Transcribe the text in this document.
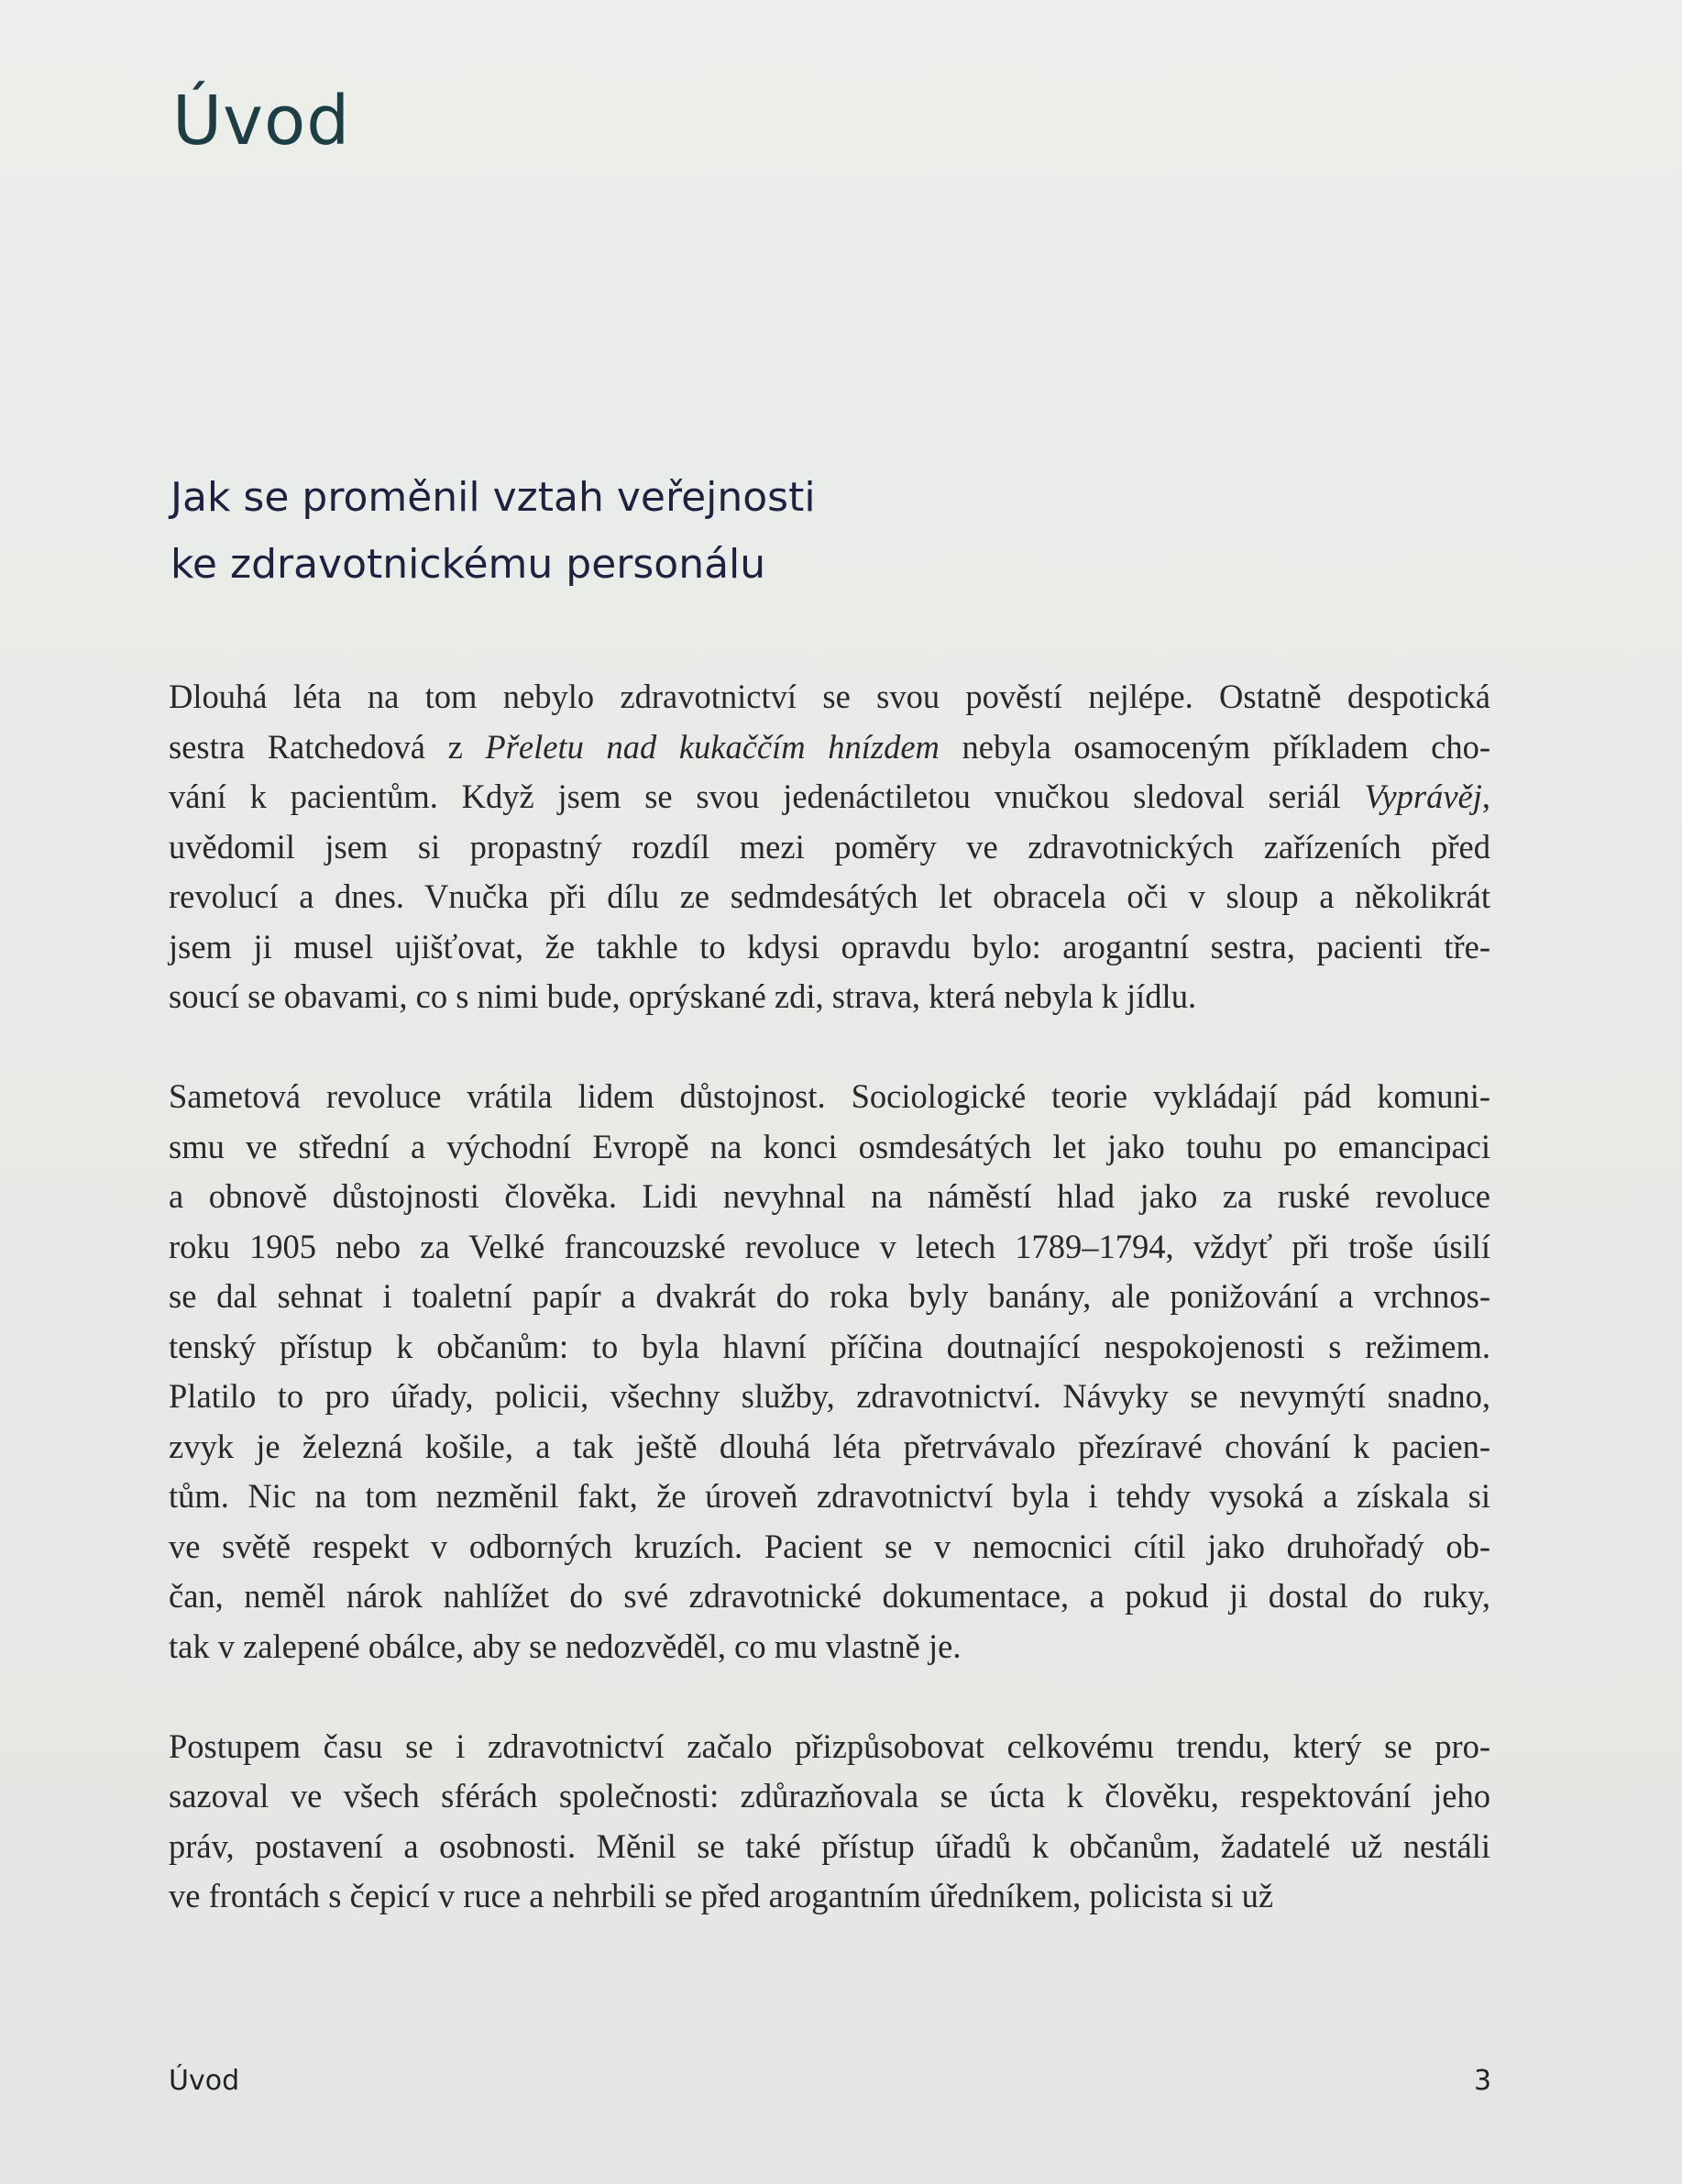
Úvod
Jak se proměnil vztah veřejnosti
ke zdravotnickému personálu

Dlouhá léta na tom nebylo zdravotnictví se svou pověstí nejlépe. Ostatně despotická
sestra Ratchedová z Přeletu nad kukaččím hnízdem nebyla osamoceným příkladem cho-
vání k pacientům. Když jsem se svou jedenáctiletou vnučkou sledoval seriál Vyprávěj,
uvědomil jsem si propastný rozdíl mezi poměry ve zdravotnických zařízeních před
revolucí a dnes. Vnučka při dílu ze sedmdesátých let obracela oči v sloup a několikrát
jsem ji musel ujišťovat, že takhle to kdysi opravdu bylo: arogantní sestra, pacienti tře-
soucí se obavami, co s nimi bude, oprýskané zdi, strava, která nebyla k jídlu.

Sametová revoluce vrátila lidem důstojnost. Sociologické teorie vykládají pád komuni-
smu ve střední a východní Evropě na konci osmdesátých let jako touhu po emancipaci
a obnově důstojnosti člověka. Lidi nevyhnal na náměstí hlad jako za ruské revoluce
roku 1905 nebo za Velké francouzské revoluce v letech 1789–1794, vždyť při troše úsilí
se dal sehnat i toaletní papír a dvakrát do roka byly banány, ale ponižování a vrchnos-
tenský přístup k občanům: to byla hlavní příčina doutnající nespokojenosti s režimem.
Platilo to pro úřady, policii, všechny služby, zdravotnictví. Návyky se nevymýtí snadno,
zvyk je železná košile, a tak ještě dlouhá léta přetrvávalo přezíravé chování k pacien-
tům. Nic na tom nezměnil fakt, že úroveň zdravotnictví byla i tehdy vysoká a získala si
ve světě respekt v odborných kruzích. Pacient se v nemocnici cítil jako druhořadý ob-
čan, neměl nárok nahlížet do své zdravotnické dokumentace, a pokud ji dostal do ruky,
tak v zalepené obálce, aby se nedozvěděl, co mu vlastně je.

Postupem času se i zdravotnictví začalo přizpůsobovat celkovému trendu, který se pro-
sazoval ve všech sférách společnosti: zdůrazňovala se úcta k člověku, respektování jeho
práv, postavení a osobnosti. Měnil se také přístup úřadů k občanům, žadatelé už nestáli
ve frontách s čepicí v ruce a nehrbili se před arogantním úředníkem, policista si už

Úvod	3
